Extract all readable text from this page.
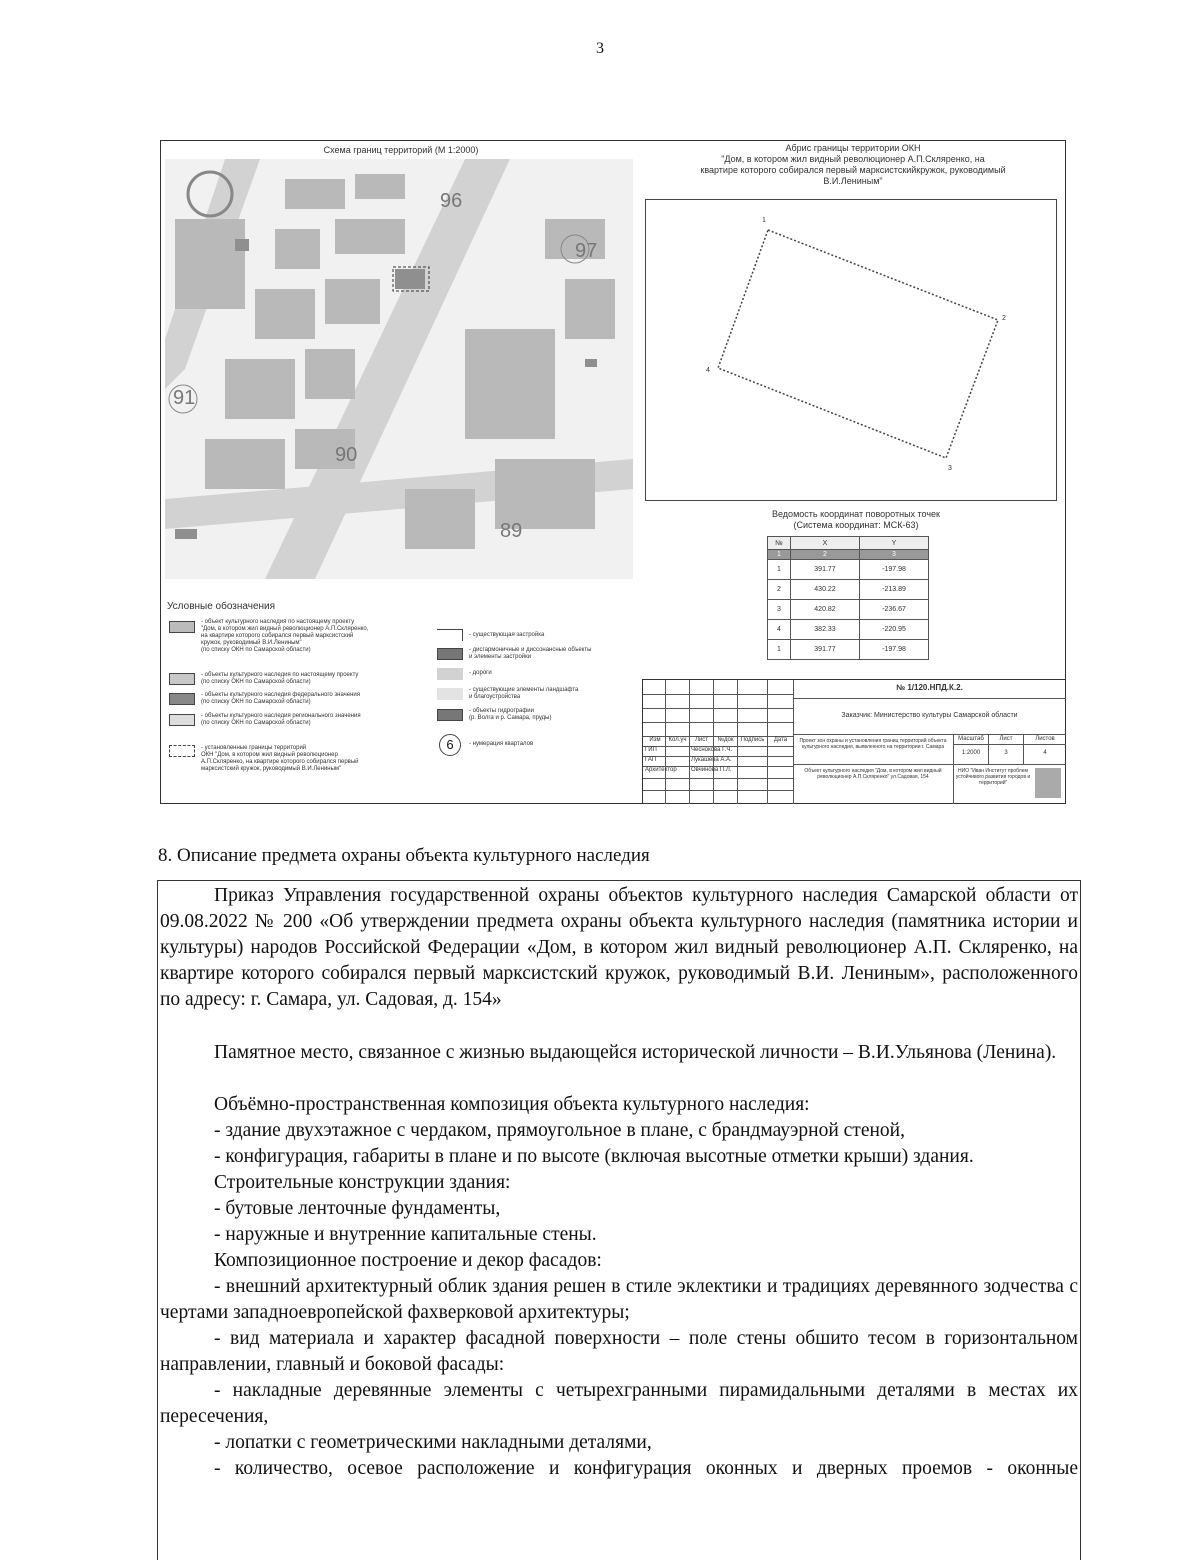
3
Схема границ территорий (М 1:2000)
96
97
91
90
89
Абрис границы территории ОКН
"Дом, в котором жил видный революционер А.П.Скляренко, на
квартире которого собирался первый марксистскийкружок, руководимый
В.И.Лениным"
1
2
3
4
Ведомость координат поворотных точек
(Система координат: МСК-63)
№	X	Y
1	2	3
1	391.77	-197.98
2	430.22	-213.89
3	420.82	-236.67
4	382.33	-220.95
1	391.77	-197.98
Условные обозначения
- объект культурного наследия по настоящему проекту
"Дом, в котором жил видный революционер А.П.Скляренко,
на квартире которого собирался первый марксистский
кружок, руководимый В.И.Лениным"
(по списку ОКН по Самарской области)
- объекты культурного наследия по настоящему проекту
(по списку ОКН по Самарской области)
- объекты культурного наследия федерального значения
(по списку ОКН по Самарской области)
- объекты культурного наследия регионального значения
(по списку ОКН по Самарской области)
- установленные границы территорий
ОКН "Дом, в котором жил видный революционер
А.П.Скляренко, на квартире которого собирался первый
марксистский кружок, руководимый В.И.Лениным"
- существующая застройка
- дисгармоничные и диссонансные объекты
и элементы застройки
- дороги
- существующие элементы ландшафта
и благоустройства
- объекты гидрографии
(р. Волга и р. Самара, пруды)
6	- нумерация кварталов
Изм	Кол.уч	Лист	№док	Подпись	Дата
ГИП	Чеснокова Г.Ч.
ГАП	Лукашева А.А.
Архитектор	Овчинова П.Л.
№ 1/120.НПД.К.2.
Заказчик: Министерство культуры Самарской области
Проект зон охраны и установления границ территорий объекта культурного наследия, выявленного на территории г. Самара
Объект культурного наследия "Дом, в котором жил видный революционер А.П.Скляренко" ул.Садовая, 154
Масштаб	Лист	Листов
1:2000	3	4
НИО "Иван Институт проблем устойчивого развития городов и территорий"
8. Описание предмета охраны объекта культурного наследия
Приказ Управления государственной охраны объектов культурного наследия Самарской области от 09.08.2022 № 200 «Об утверждении предмета охраны объекта культурного наследия (памятника истории и культуры) народов Российской Федерации «Дом, в котором жил видный революционер А.П. Скляренко, на квартире которого собирался первый марксистский кружок, руководимый В.И. Лениным», расположенного по адресу: г. Самара, ул. Садовая, д. 154»
Памятное место, связанное с жизнью выдающейся исторической личности – В.И.Ульянова (Ленина).
Объёмно-пространственная композиция объекта культурного наследия:
- здание двухэтажное с чердаком, прямоугольное в плане, с брандмауэрной стеной,
- конфигурация, габариты в плане и по высоте (включая высотные отметки крыши) здания.
Строительные конструкции здания:
- бутовые ленточные фундаменты,
- наружные и внутренние капитальные стены.
Композиционное построение и декор фасадов:
- внешний архитектурный облик здания решен в стиле эклектики и традициях деревянного зодчества с чертами западноевропейской фахверковой архитектуры;
- вид материала и характер фасадной поверхности – поле стены обшито тесом в горизонтальном направлении, главный и боковой фасады:
- накладные деревянные элементы с четырехгранными пирамидальными деталями в местах их пересечения,
- лопатки с геометрическими накладными деталями,
- количество, осевое расположение и конфигурация оконных и дверных проемов - оконные
